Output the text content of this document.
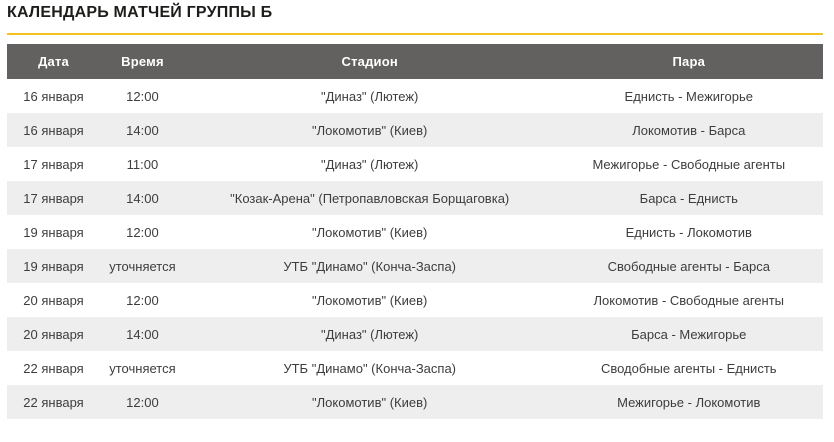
КАЛЕНДАРЬ МАТЧЕЙ ГРУППЫ Б
Дата	Время	Стадион	Пара
16 января	12:00	"Диназ" (Лютеж)	Еднисть - Межигорье
16 января	14:00	"Локомотив" (Киев)	Локомотив - Барса
17 января	11:00	"Диназ" (Лютеж)	Межигорье - Свободные агенты
17 января	14:00	"Козак-Арена" (Петропавловская Борщаговка)	Барса - Еднисть
19 января	12:00	"Локомотив" (Киев)	Еднисть - Локомотив
19 января	уточняется	УТБ "Динамо" (Конча-Заспа)	Свободные агенты - Барса
20 января	12:00	"Локомотив" (Киев)	Локомотив - Свободные агенты
20 января	14:00	"Диназ" (Лютеж)	Барса - Межигорье
22 января	уточняется	УТБ "Динамо" (Конча-Заспа)	Сводобные агенты - Еднисть
22 января	12:00	"Локомотив" (Киев)	Межигорье - Локомотив
